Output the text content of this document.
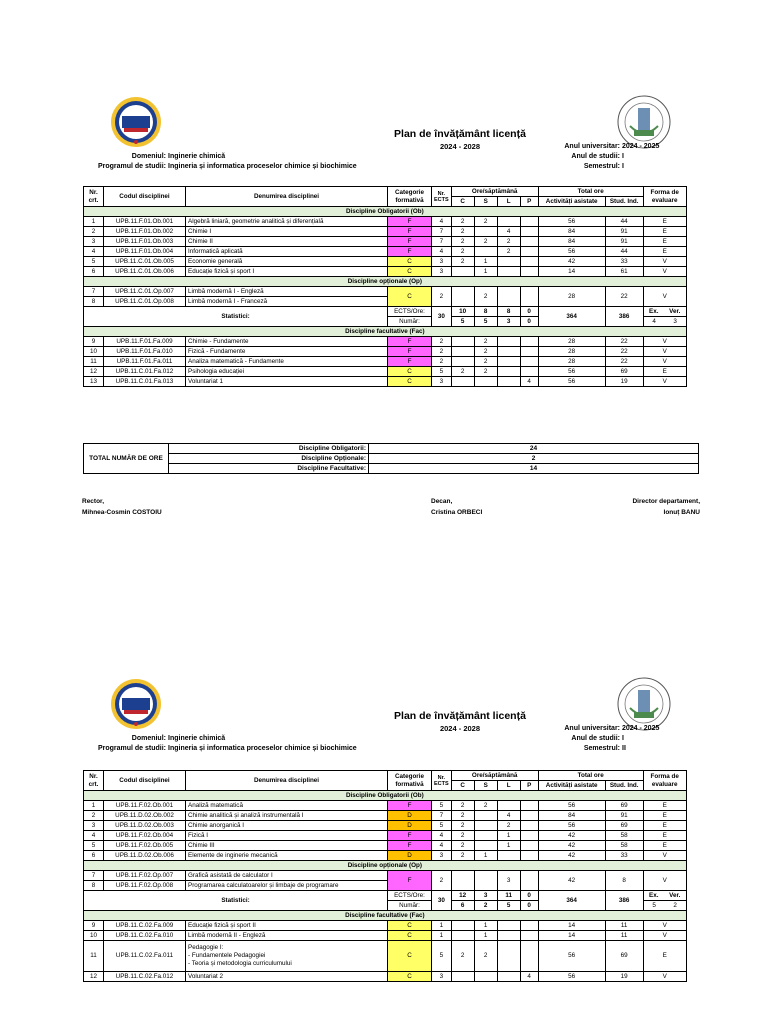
Plan de învățământ licență
2024 - 2028
Domeniul: Inginerie chimică
Programul de studii: Ingineria și informatica proceselor chimice și biochimice
Anul universitar: 2024 - 2025
Anul de studii: I
Semestrul: I
Nr. crt.	Codul disciplinei	Denumirea disciplinei	Categorie formativă	Nr. ECTS	Ore/săptămână				Total ore		Forma de evaluare
					C	S	L	P	Activități asistate	Stud. Ind.	
Discipline Obligatorii (Ob)											
1	UPB.11.F.01.Ob.001	Algebră liniară, geometrie analitică și diferențială	F	4	2	2			56	44	E
2	UPB.11.F.01.Ob.002	Chimie I	F	7	2		4		84	91	E
3	UPB.11.F.01.Ob.003	Chimie II	F	7	2	2	2		84	91	E
4	UPB.11.F.01.Ob.004	Informatică aplicată	F	4	2		2		56	44	E
5	UPB.11.C.01.Ob.005	Economie generală	C	3	2	1			42	33	V
6	UPB.11.C.01.Ob.006	Educație fizică și sport I	C	3		1			14	61	V
Discipline opționale (Op)											
7	UPB.11.C.01.Op.007	Limbă modernă I - Engleză	C	2		2			28	22	V
8	UPB.11.C.01.Op.008	Limbă modernă I - Franceză									
Statistici:			ECTS/Ore:	30	10	8	8	0	364	386	Ex. Ver.

			Număr:		5	5	3	0			4 3

Discipline facultative (Fac)											
9	UPB.11.F.01.Fa.009	Chimie - Fundamente	F	2		2			28	22	V
10	UPB.11.F.01.Fa.010	Fizică - Fundamente	F	2		2			28	22	V
11	UPB.11.F.01.Fa.011	Analiza matematică - Fundamente	F	2		2			28	22	V
12	UPB.11.C.01.Fa.012	Psihologia educației	C	5	2	2			56	69	E
13	UPB.11.C.01.Fa.013	Voluntariat 1	C	3				4	56	19	V
TOTAL NUMĂR DE ORE	Discipline Obligatorii:	24
	Discipline Opționale:	2
	Discipline Facultative:	14
Rector,
Mihnea-Cosmin COSTOIU
Decan,
Cristina ORBECI
Director departament,
Ionuț BANU
Plan de învățământ licență
2024 - 2028
Domeniul: Inginerie chimică
Programul de studii: Ingineria și informatica proceselor chimice și biochimice
Anul universitar: 2024 - 2025
Anul de studii: I
Semestrul: II
Nr. crt.	Codul disciplinei	Denumirea disciplinei	Categorie formativă	Nr. ECTS	Ore/săptămână				Total ore		Forma de evaluare
					C	S	L	P	Activități asistate	Stud. Ind.	
Discipline Obligatorii (Ob)											
1	UPB.11.F.02.Ob.001	Analiză matematică	F	5	2	2			56	69	E
2	UPB.11.D.02.Ob.002	Chimie analitică și analiză instrumentală I	D	7	2		4		84	91	E
3	UPB.11.D.02.Ob.003	Chimie anorganică I	D	5	2		2		56	69	E
4	UPB.11.F.02.Ob.004	Fizică I	F	4	2		1		42	58	E
5	UPB.11.F.02.Ob.005	Chimie III	F	4	2		1		42	58	E
6	UPB.11.D.02.Ob.006	Elemente de inginerie mecanică	D	3	2	1			42	33	V
Discipline opționale (Op)											
7	UPB.11.F.02.Op.007	Grafică asistată de calculator I	F	2			3		42	8	V
8	UPB.11.F.02.Op.008	Programarea calculatoarelor și limbaje de programare									
Statistici:			ECTS/Ore:	30	12	3	11	0	364	386	Ex. Ver.

			Număr:		6	2	5	0			5 2

Discipline facultative (Fac)											
9	UPB.11.C.02.Fa.009	Educație fizică și sport II	C	1		1			14	11	V
10	UPB.11.C.02.Fa.010	Limbă modernă II - Engleză	C	1		1			14	11	V
11	UPB.11.C.02.Fa.011	Pedagogie I:
- Fundamentele Pedagogiei
- Teoria și metodologia curriculumului	C	5	2	2			56	69	E
12	UPB.11.C.02.Fa.012	Voluntariat 2	C	3				4	56	19	V
